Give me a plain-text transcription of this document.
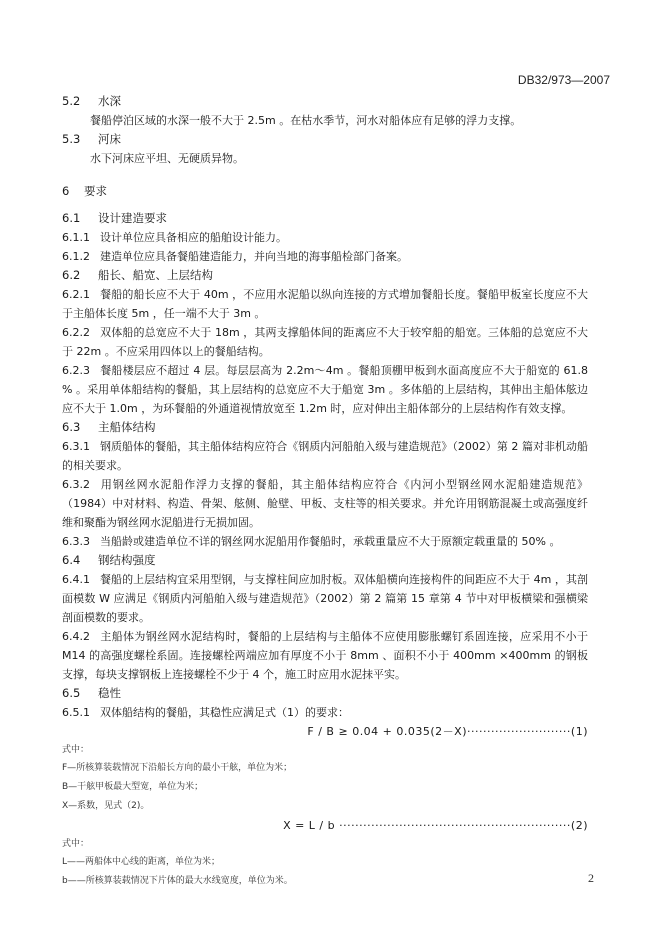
DB32/973—2007
5.2 水深
餐船停泊区域的水深一般不大于 2.5m 。在枯水季节，河水对船体应有足够的浮力支撑。
5.3 河床
水下河床应平坦、无硬质异物。
6 要求
6.1 设计建造要求
6.1.1 设计单位应具备相应的船舶设计能力。
6.1.2 建造单位应具备餐船建造能力，并向当地的海事船检部门备案。
6.2 船长、船宽、上层结构
6.2.1 餐船的船长应不大于 40m ，不应用水泥船以纵向连接的方式增加餐船长度。餐船甲板室长度应不大于主船体长度 5m ，任一端不大于 3m 。
6.2.2 双体船的总宽应不大于 18m ，其两支撑船体间的距离应不大于较窄船的船宽。三体船的总宽应不大于 22m 。不应采用四体以上的餐船结构。
6.2.3 餐船楼层应不超过 4 层。每层层高为 2.2m～4m 。餐船顶棚甲板到水面高度应不大于船宽的 61.8 % 。采用单体船结构的餐船，其上层结构的总宽应不大于船宽 3m 。多体船的上层结构，其伸出主船体舷边应不大于 1.0m ，为环餐船的外通道视情放宽至 1.2m 时，应对伸出主船体部分的上层结构作有效支撑。
6.3 主船体结构
6.3.1 钢质船体的餐船，其主船体结构应符合《钢质内河船舶入级与建造规范》（2002）第 2 篇对非机动船的相关要求。
6.3.2 用钢丝网水泥船作浮力支撑的餐船，其主船体结构应符合《内河小型钢丝网水泥船建造规范》（1984）中对材料、构造、骨架、舷侧、舱壁、甲板、支柱等的相关要求。并允许用钢筋混凝土或高强度纤维和聚酯为钢丝网水泥船进行无损加固。
6.3.3 当船龄或建造单位不详的钢丝网水泥船用作餐船时，承载重量应不大于原额定载重量的 50% 。
6.4 钢结构强度
6.4.1 餐船的上层结构宜采用型钢，与支撑柱间应加肘板。双体船横向连接构件的间距应不大于 4m ，其剖面模数 W 应满足《钢质内河船舶入级与建造规范》（2002）第 2 篇第 15 章第 4 节中对甲板横梁和强横梁剖面模数的要求。
6.4.2 主船体为钢丝网水泥结构时，餐船的上层结构与主船体不应使用膨胀螺钉系固连接，应采用不小于 M14 的高强度螺栓系固。连接螺栓两端应加有厚度不小于 8mm 、面积不小于 400mm ×400mm 的钢板支撑，每块支撑钢板上连接螺栓不少于 4 个，施工时应用水泥抹平实。
6.5 稳性
6.5.1 双体船结构的餐船，其稳性应满足式（1）的要求：
F / B ≥ 0.04 + 0.035(2－X)··························(1)
式中：
F—所核算装载情况下沿船长方向的最小干舷，单位为米；
B—干舷甲板最大型宽，单位为米；
X—系数，见式（2)。
X = L / b ··························································(2)
式中：
L——两船体中心线的距离，单位为米；
b——所核算装载情况下片体的最大水线宽度，单位为米。	2
